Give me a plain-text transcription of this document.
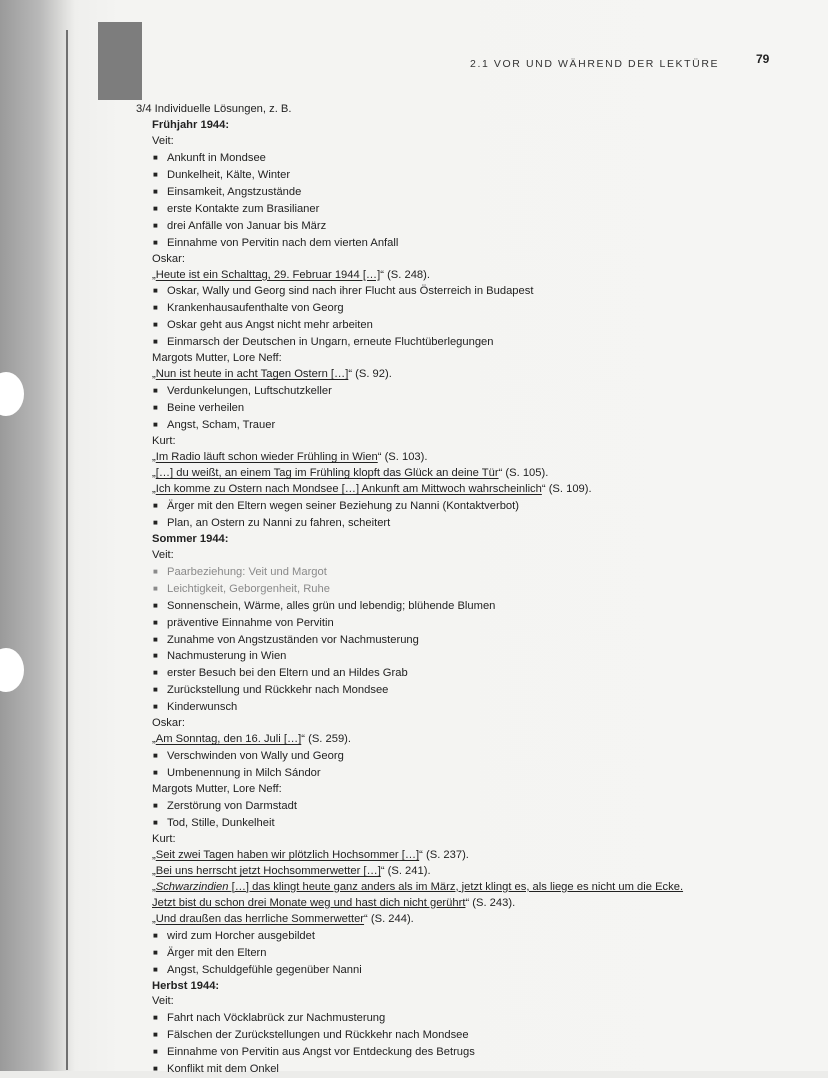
2.1 VOR UND WÄHREND DER LEKTÜRE	79
3/4 Individuelle Lösungen, z. B.
Frühjahr 1944:
Veit:
■ Ankunft in Mondsee
■ Dunkelheit, Kälte, Winter
■ Einsamkeit, Angstzustände
■ erste Kontakte zum Brasilianer
■ drei Anfälle von Januar bis März
■ Einnahme von Pervitin nach dem vierten Anfall
Oskar:
„Heute ist ein Schalttag, 29. Februar 1944 […]“ (S. 248).
■ Oskar, Wally und Georg sind nach ihrer Flucht aus Österreich in Budapest
■ Krankenhausaufenthalte von Georg
■ Oskar geht aus Angst nicht mehr arbeiten
■ Einmarsch der Deutschen in Ungarn, erneute Fluchtüberlegungen
Margots Mutter, Lore Neff:
„Nun ist heute in acht Tagen Ostern […]“ (S. 92).
■ Verdunkelungen, Luftschutzkeller
■ Beine verheilen
■ Angst, Scham, Trauer
Kurt:
„Im Radio läuft schon wieder Frühling in Wien“ (S. 103).
„[…] du weißt, an einem Tag im Frühling klopft das Glück an deine Tür“ (S. 105).
„Ich komme zu Ostern nach Mondsee […] Ankunft am Mittwoch wahrscheinlich“ (S. 109).
■ Ärger mit den Eltern wegen seiner Beziehung zu Nanni (Kontaktverbot)
■ Plan, an Ostern zu Nanni zu fahren, scheitert
Sommer 1944:
Veit:
■ Paarbeziehung: Veit und Margot
■ Leichtigkeit, Geborgenheit, Ruhe
■ Sonnenschein, Wärme, alles grün und lebendig; blühende Blumen
■ präventive Einnahme von Pervitin
■ Zunahme von Angstzuständen vor Nachmusterung
■ Nachmusterung in Wien
■ erster Besuch bei den Eltern und an Hildes Grab
■ Zurückstellung und Rückkehr nach Mondsee
■ Kinderwunsch
Oskar:
„Am Sonntag, den 16. Juli […]“ (S. 259).
■ Verschwinden von Wally und Georg
■ Umbenennung in Milch Sándor
Margots Mutter, Lore Neff:
■ Zerstörung von Darmstadt
■ Tod, Stille, Dunkelheit
Kurt:
„Seit zwei Tagen haben wir plötzlich Hochsommer […]“ (S. 237).
„Bei uns herrscht jetzt Hochsommerwetter […]“ (S. 241).
„Schwarzindien […] das klingt heute ganz anders als im März, jetzt klingt es, als liege es nicht um die Ecke. Jetzt bist du schon drei Monate weg und hast dich nicht gerührt“ (S. 243).
„Und draußen das herrliche Sommerwetter“ (S. 244).
■ wird zum Horcher ausgebildet
■ Ärger mit den Eltern
■ Angst, Schuldgefühle gegenüber Nanni
Herbst 1944:
Veit:
■ Fahrt nach Vöcklabrück zur Nachmusterung
■ Fälschen der Zurückstellungen und Rückkehr nach Mondsee
■ Einnahme von Pervitin aus Angst vor Entdeckung des Betrugs
■ Konflikt mit dem Onkel
